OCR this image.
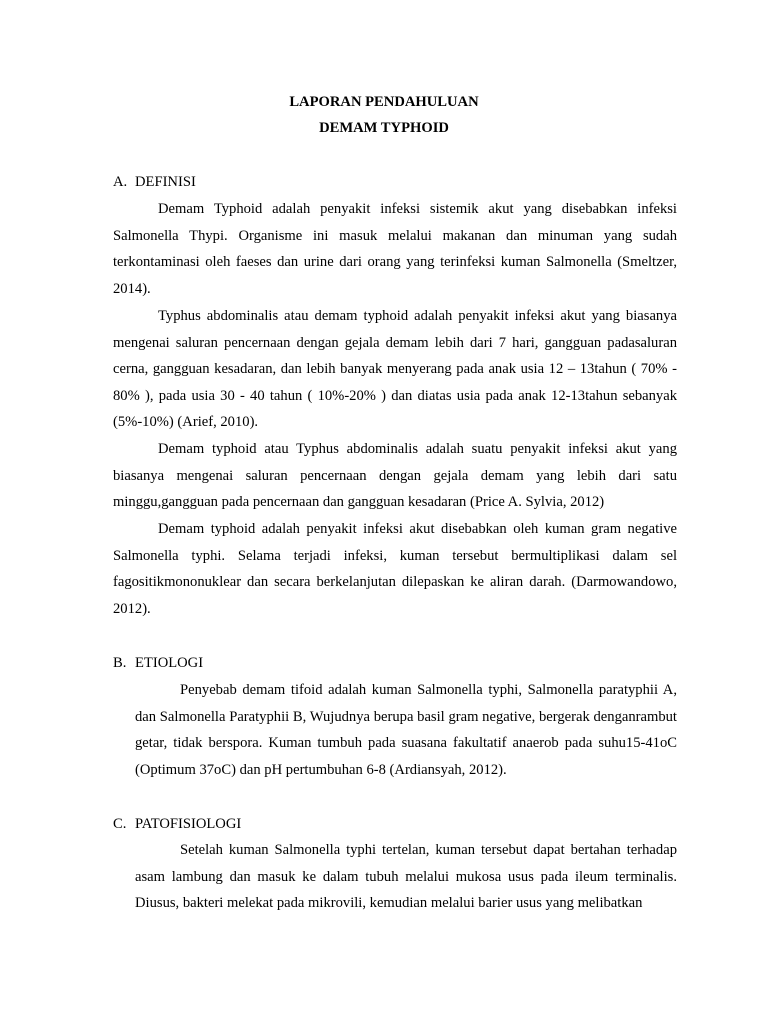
LAPORAN PENDAHULUAN
DEMAM TYPHOID
A. DEFINISI

Demam Typhoid adalah penyakit infeksi sistemik akut yang disebabkan infeksi Salmonella Thypi. Organisme ini masuk melalui makanan dan minuman yang sudah terkontaminasi oleh faeses dan urine dari orang yang terinfeksi kuman Salmonella (Smeltzer, 2014).

Typhus abdominalis atau demam typhoid adalah penyakit infeksi akut yang biasanya mengenai saluran pencernaan dengan gejala demam lebih dari 7 hari, gangguan padasaluran cerna, gangguan kesadaran, dan lebih banyak menyerang pada anak usia 12 – 13tahun ( 70% - 80% ), pada usia 30 - 40 tahun ( 10%-20% ) dan diatas usia pada anak 12-13tahun sebanyak (5%-10%) (Arief, 2010).

Demam typhoid atau Typhus abdominalis adalah suatu penyakit infeksi akut yang biasanya mengenai saluran pencernaan dengan gejala demam yang lebih dari satu minggu,gangguan pada pencernaan dan gangguan kesadaran (Price A. Sylvia, 2012)

Demam typhoid adalah penyakit infeksi akut disebabkan oleh kuman gram negative Salmonella typhi. Selama terjadi infeksi, kuman tersebut bermultiplikasi dalam sel fagositikmononuklear dan secara berkelanjutan dilepaskan ke aliran darah. (Darmowandowo, 2012).

B. ETIOLOGI

Penyebab demam tifoid adalah kuman Salmonella typhi, Salmonella paratyphii A, dan Salmonella Paratyphii B, Wujudnya berupa basil gram negative, bergerak denganrambut getar, tidak berspora. Kuman tumbuh pada suasana fakultatif anaerob pada suhu15-41oC (Optimum 37oC) dan pH pertumbuhan 6-8 (Ardiansyah, 2012).

C. PATOFISIOLOGI

Setelah kuman Salmonella typhi tertelan, kuman tersebut dapat bertahan terhadap asam lambung dan masuk ke dalam tubuh melalui mukosa usus pada ileum terminalis. Diusus, bakteri melekat pada mikrovili, kemudian melalui barier usus yang melibatkan
